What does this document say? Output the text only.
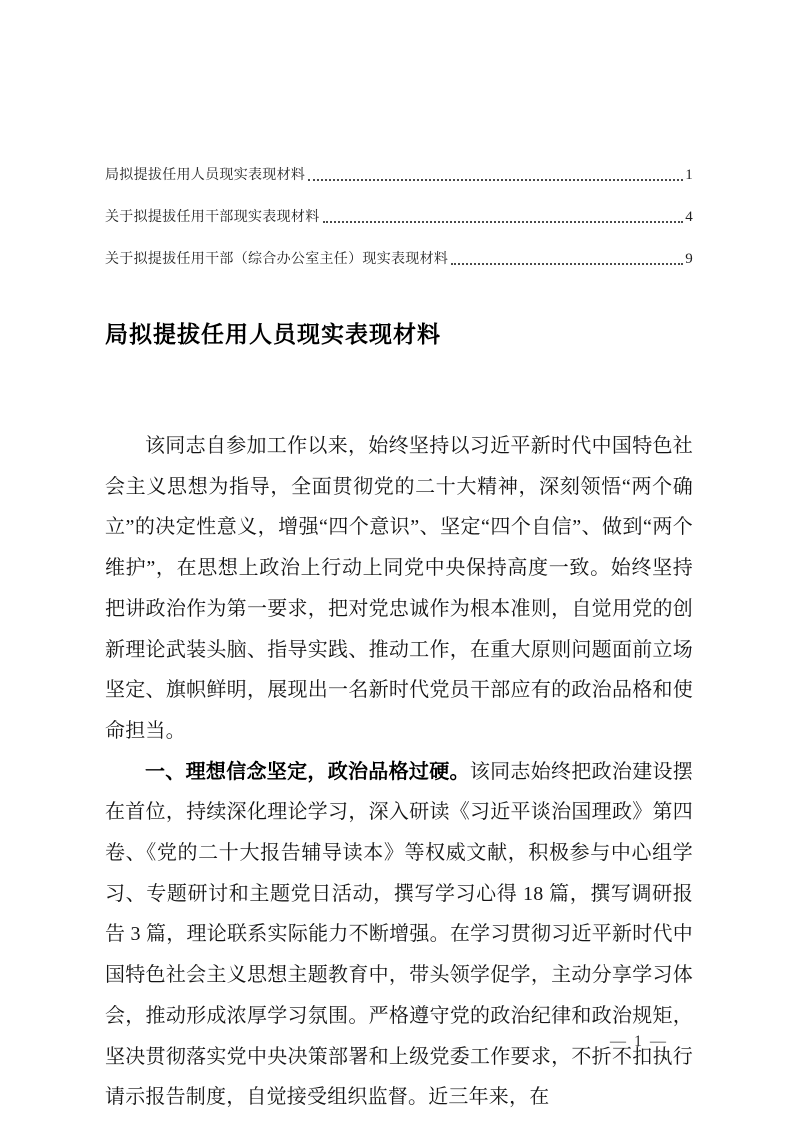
局拟提拔任用人员现实表现材料	1
关于拟提拔任用干部现实表现材料	4
关于拟提拔任用干部（综合办公室主任）现实表现材料	9
局拟提拔任用人员现实表现材料

该同志自参加工作以来，始终坚持以习近平新时代中国特色社会主义思想为指导，全面贯彻党的二十大精神，深刻领悟“两个确立”的决定性意义，增强“四个意识”、坚定“四个自信”、做到“两个维护”，在思想上政治上行动上同党中央保持高度一致。始终坚持把讲政治作为第一要求，把对党忠诚作为根本准则，自觉用党的创新理论武装头脑、指导实践、推动工作，在重大原则问题面前立场坚定、旗帜鲜明，展现出一名新时代党员干部应有的政治品格和使命担当。

一、理想信念坚定，政治品格过硬。该同志始终把政治建设摆在首位，持续深化理论学习，深入研读《习近平谈治国理政》第四卷、《党的二十大报告辅导读本》等权威文献，积极参与中心组学习、专题研讨和主题党日活动，撰写学习心得 18 篇，撰写调研报告 3 篇，理论联系实际能力不断增强。在学习贯彻习近平新时代中国特色社会主义思想主题教育中，带头领学促学，主动分享学习体会，推动形成浓厚学习氛围。严格遵守党的政治纪律和政治规矩，坚决贯彻落实党中央决策部署和上级党委工作要求，不折不扣执行请示报告制度，自觉接受组织监督。近三年来，在

— 1 —
